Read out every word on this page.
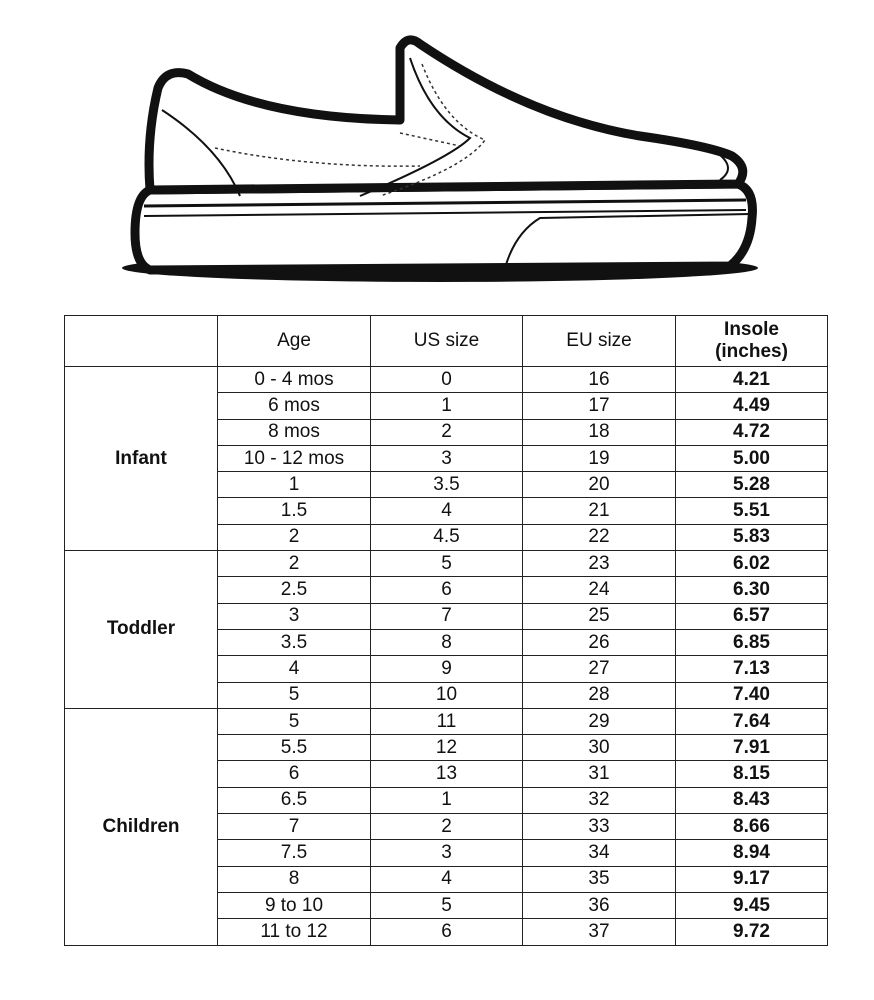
	Age	US size	EU size	Insole
(inches)

Infant	0 - 4 mos	0	16	4.21
	6 mos	1	17	4.49
	8 mos	2	18	4.72
	10 - 12 mos	3	19	5.00
	1	3.5	20	5.28
	1.5	4	21	5.51
	2	4.5	22	5.83
Toddler	2	5	23	6.02
	2.5	6	24	6.30
	3	7	25	6.57
	3.5	8	26	6.85
	4	9	27	7.13
	5	10	28	7.40
Children	5	11	29	7.64
	5.5	12	30	7.91
	6	13	31	8.15
	6.5	1	32	8.43
	7	2	33	8.66
	7.5	3	34	8.94
	8	4	35	9.17
	9 to 10	5	36	9.45
	11 to 12	6	37	9.72
